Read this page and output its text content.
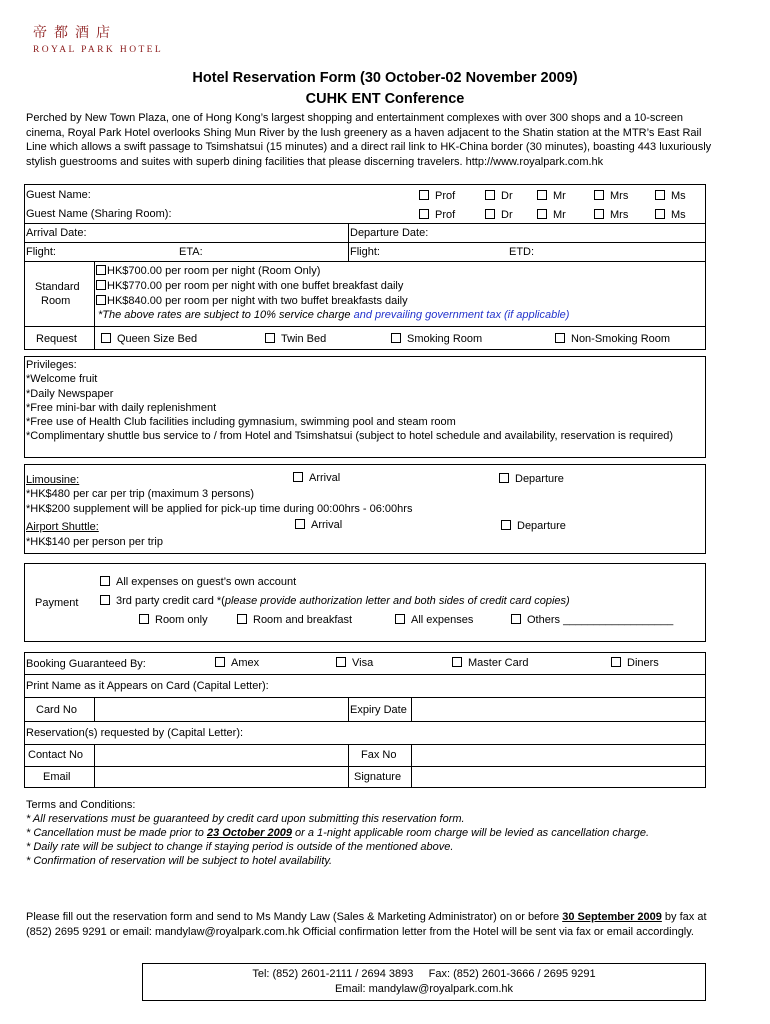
帝都酒店
ROYAL PARK HOTEL
Hotel Reservation Form (30 October-02 November 2009)
CUHK ENT Conference
Perched by New Town Plaza, one of Hong Kong’s largest shopping and entertainment complexes with over 300 shops and a 10-screen cinema, Royal Park Hotel overlooks Shing Mun River by the lush greenery as a haven adjacent to the Shatin station at the MTR’s East Rail Line which allows a swift passage to Tsimshatsui (15 minutes) and a direct rail link to HK-China border (30 minutes), boasting 443 luxuriously stylish guestrooms and suites with superb dining facilities that please discerning travelers. http://www.royalpark.com.hk
Guest Name:
Guest Name (Sharing Room):
Prof	Dr	Mr	Mrs	Ms
Prof	Dr	Mr	Mrs	Ms
Arrival Date:	Departure Date:
Flight:	ETA:	Flight:	ETD:
Standard
Room
HK$700.00 per room per night (Room Only)
HK$770.00 per room per night with one buffet breakfast daily
HK$840.00 per room per night with two buffet breakfasts daily
*The above rates are subject to 10% service charge and prevailing government tax (if applicable)
Request	Queen Size Bed	Twin Bed	Smoking Room	Non-Smoking Room
Privileges:
*Welcome fruit
*Daily Newspaper
*Free mini-bar with daily replenishment
*Free use of Health Club facilities including gymnasium, swimming pool and steam room
*Complimentary shuttle bus service to / from Hotel and Tsimshatsui (subject to hotel schedule and availability, reservation is required)
Limousine:	Arrival	Departure
*HK$480 per car per trip (maximum 3 persons)
*HK$200 supplement will be applied for pick-up time during 00:00hrs - 06:00hrs
Airport Shuttle:	Arrival	Departure
*HK$140 per person per trip
Payment
All expenses on guest’s own account
3rd party credit card *(please provide authorization letter and both sides of credit card copies)
Room only	Room and breakfast	All expenses	Others __________________
Booking Guaranteed By:	Amex	Visa	Master Card	Diners
Print Name as it Appears on Card (Capital Letter):
Card No	Expiry Date
Reservation(s) requested by (Capital Letter):
Contact No	Fax No
Email	Signature
Terms and Conditions:
* All reservations must be guaranteed by credit card upon submitting this reservation form.
* Cancellation must be made prior to 23 October 2009 or a 1-night applicable room charge will be levied as cancellation charge.
* Daily rate will be subject to change if staying period is outside of the mentioned above.
* Confirmation of reservation will be subject to hotel availability.
Please fill out the reservation form and send to Ms Mandy Law (Sales & Marketing Administrator) on or before 30 September 2009 by fax at (852) 2695 9291 or email: mandylaw@royalpark.com.hk Official confirmation letter from the Hotel will be sent via fax or email accordingly.
Tel: (852) 2601-2111 / 2694 3893     Fax: (852) 2601-3666 / 2695 9291
Email: mandylaw@royalpark.com.hk
